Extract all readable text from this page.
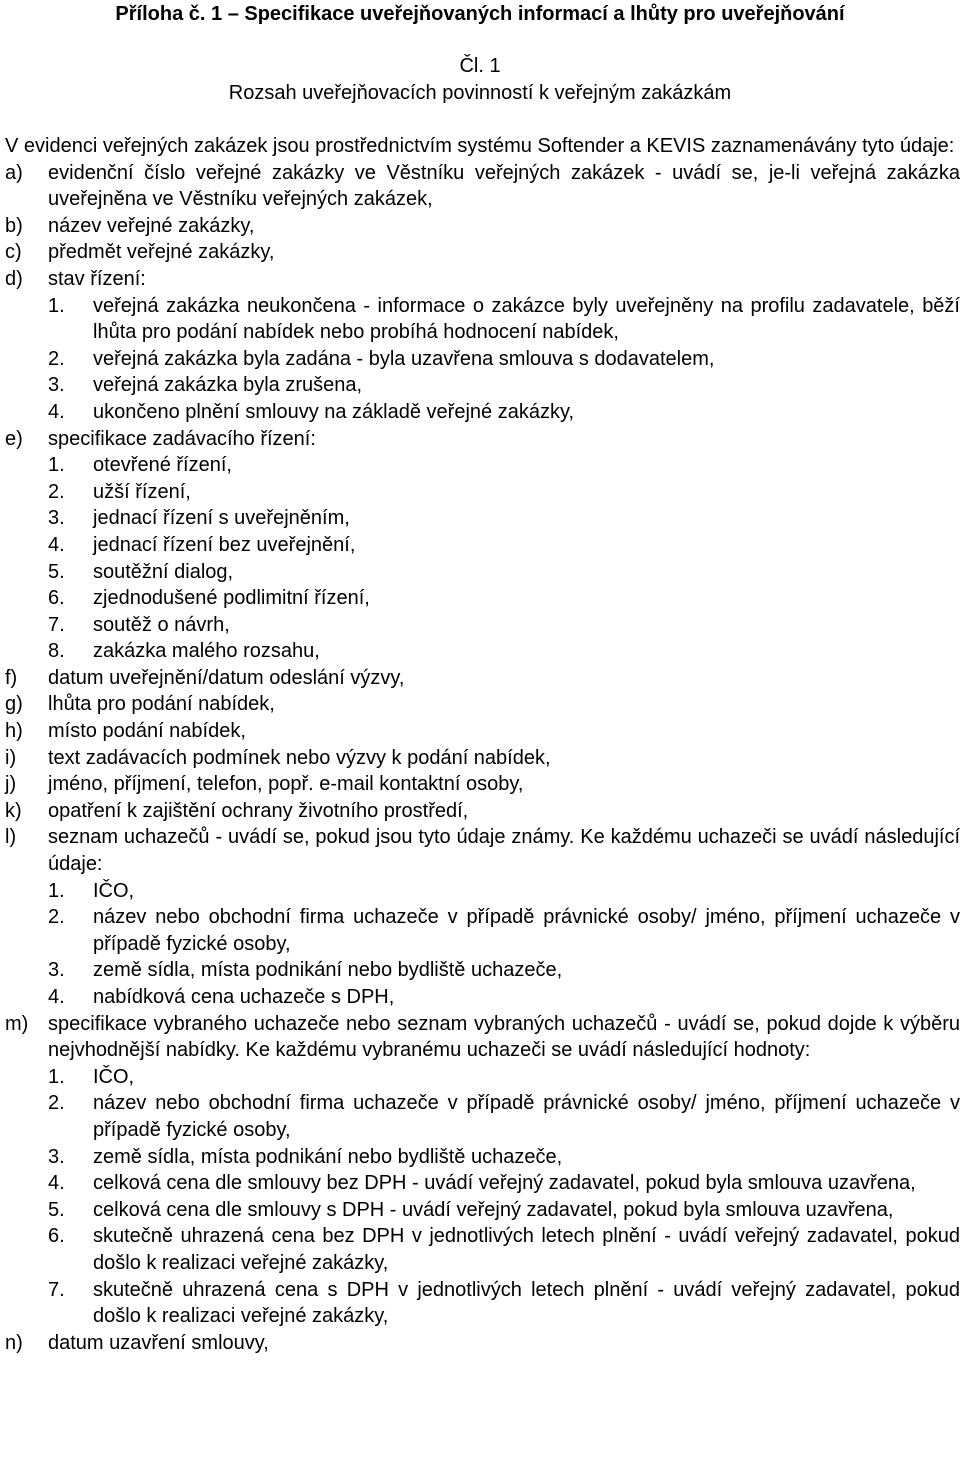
Příloha č. 1 – Specifikace uveřejňovaných informací a lhůty pro uveřejňování
Čl. 1
Rozsah uveřejňovacích povinností k veřejným zakázkám

V evidenci veřejných zakázek jsou prostřednictvím systému Softender a KEVIS zaznamenávány tyto údaje:

a) evidenční číslo veřejné zakázky ve Věstníku veřejných zakázek - uvádí se, je-li veřejná zakázka uveřejněna ve Věstníku veřejných zakázek,
b) název veřejné zakázky,
c) předmět veřejné zakázky,
d) stav řízení:
1. veřejná zakázka neukončena - informace o zakázce byly uveřejněny na profilu zadavatele, běží lhůta pro podání nabídek nebo probíhá hodnocení nabídek,
2. veřejná zakázka byla zadána - byla uzavřena smlouva s dodavatelem,
3. veřejná zakázka byla zrušena,
4. ukončeno plnění smlouvy na základě veřejné zakázky,
e) specifikace zadávacího řízení:
1. otevřené řízení,
2. užší řízení,
3. jednací řízení s uveřejněním,
4. jednací řízení bez uveřejnění,
5. soutěžní dialog,
6. zjednodušené podlimitní řízení,
7. soutěž o návrh,
8. zakázka malého rozsahu,
f) datum uveřejnění/datum odeslání výzvy,
g) lhůta pro podání nabídek,
h) místo podání nabídek,
i) text zadávacích podmínek nebo výzvy k podání nabídek,
j) jméno, příjmení, telefon, popř. e-mail kontaktní osoby,
k) opatření k zajištění ochrany životního prostředí,
l) seznam uchazečů - uvádí se, pokud jsou tyto údaje známy. Ke každému uchazeči se uvádí následující údaje:
1. IČO,
2. název nebo obchodní firma uchazeče v případě právnické osoby/ jméno, příjmení uchazeče v případě fyzické osoby,
3. země sídla, místa podnikání nebo bydliště uchazeče,
4. nabídková cena uchazeče s DPH,
m) specifikace vybraného uchazeče nebo seznam vybraných uchazečů - uvádí se, pokud dojde k výběru nejvhodnější nabídky. Ke každému vybranému uchazeči se uvádí následující hodnoty:
1. IČO,
2. název nebo obchodní firma uchazeče v případě právnické osoby/ jméno, příjmení uchazeče v případě fyzické osoby,
3. země sídla, místa podnikání nebo bydliště uchazeče,
4. celková cena dle smlouvy bez DPH - uvádí veřejný zadavatel, pokud byla smlouva uzavřena,
5. celková cena dle smlouvy s DPH - uvádí veřejný zadavatel, pokud byla smlouva uzavřena,
6. skutečně uhrazená cena bez DPH v jednotlivých letech plnění - uvádí veřejný zadavatel, pokud došlo k realizaci veřejné zakázky,
7. skutečně uhrazená cena s DPH v jednotlivých letech plnění - uvádí veřejný zadavatel, pokud došlo k realizaci veřejné zakázky,
n) datum uzavření smlouvy,
